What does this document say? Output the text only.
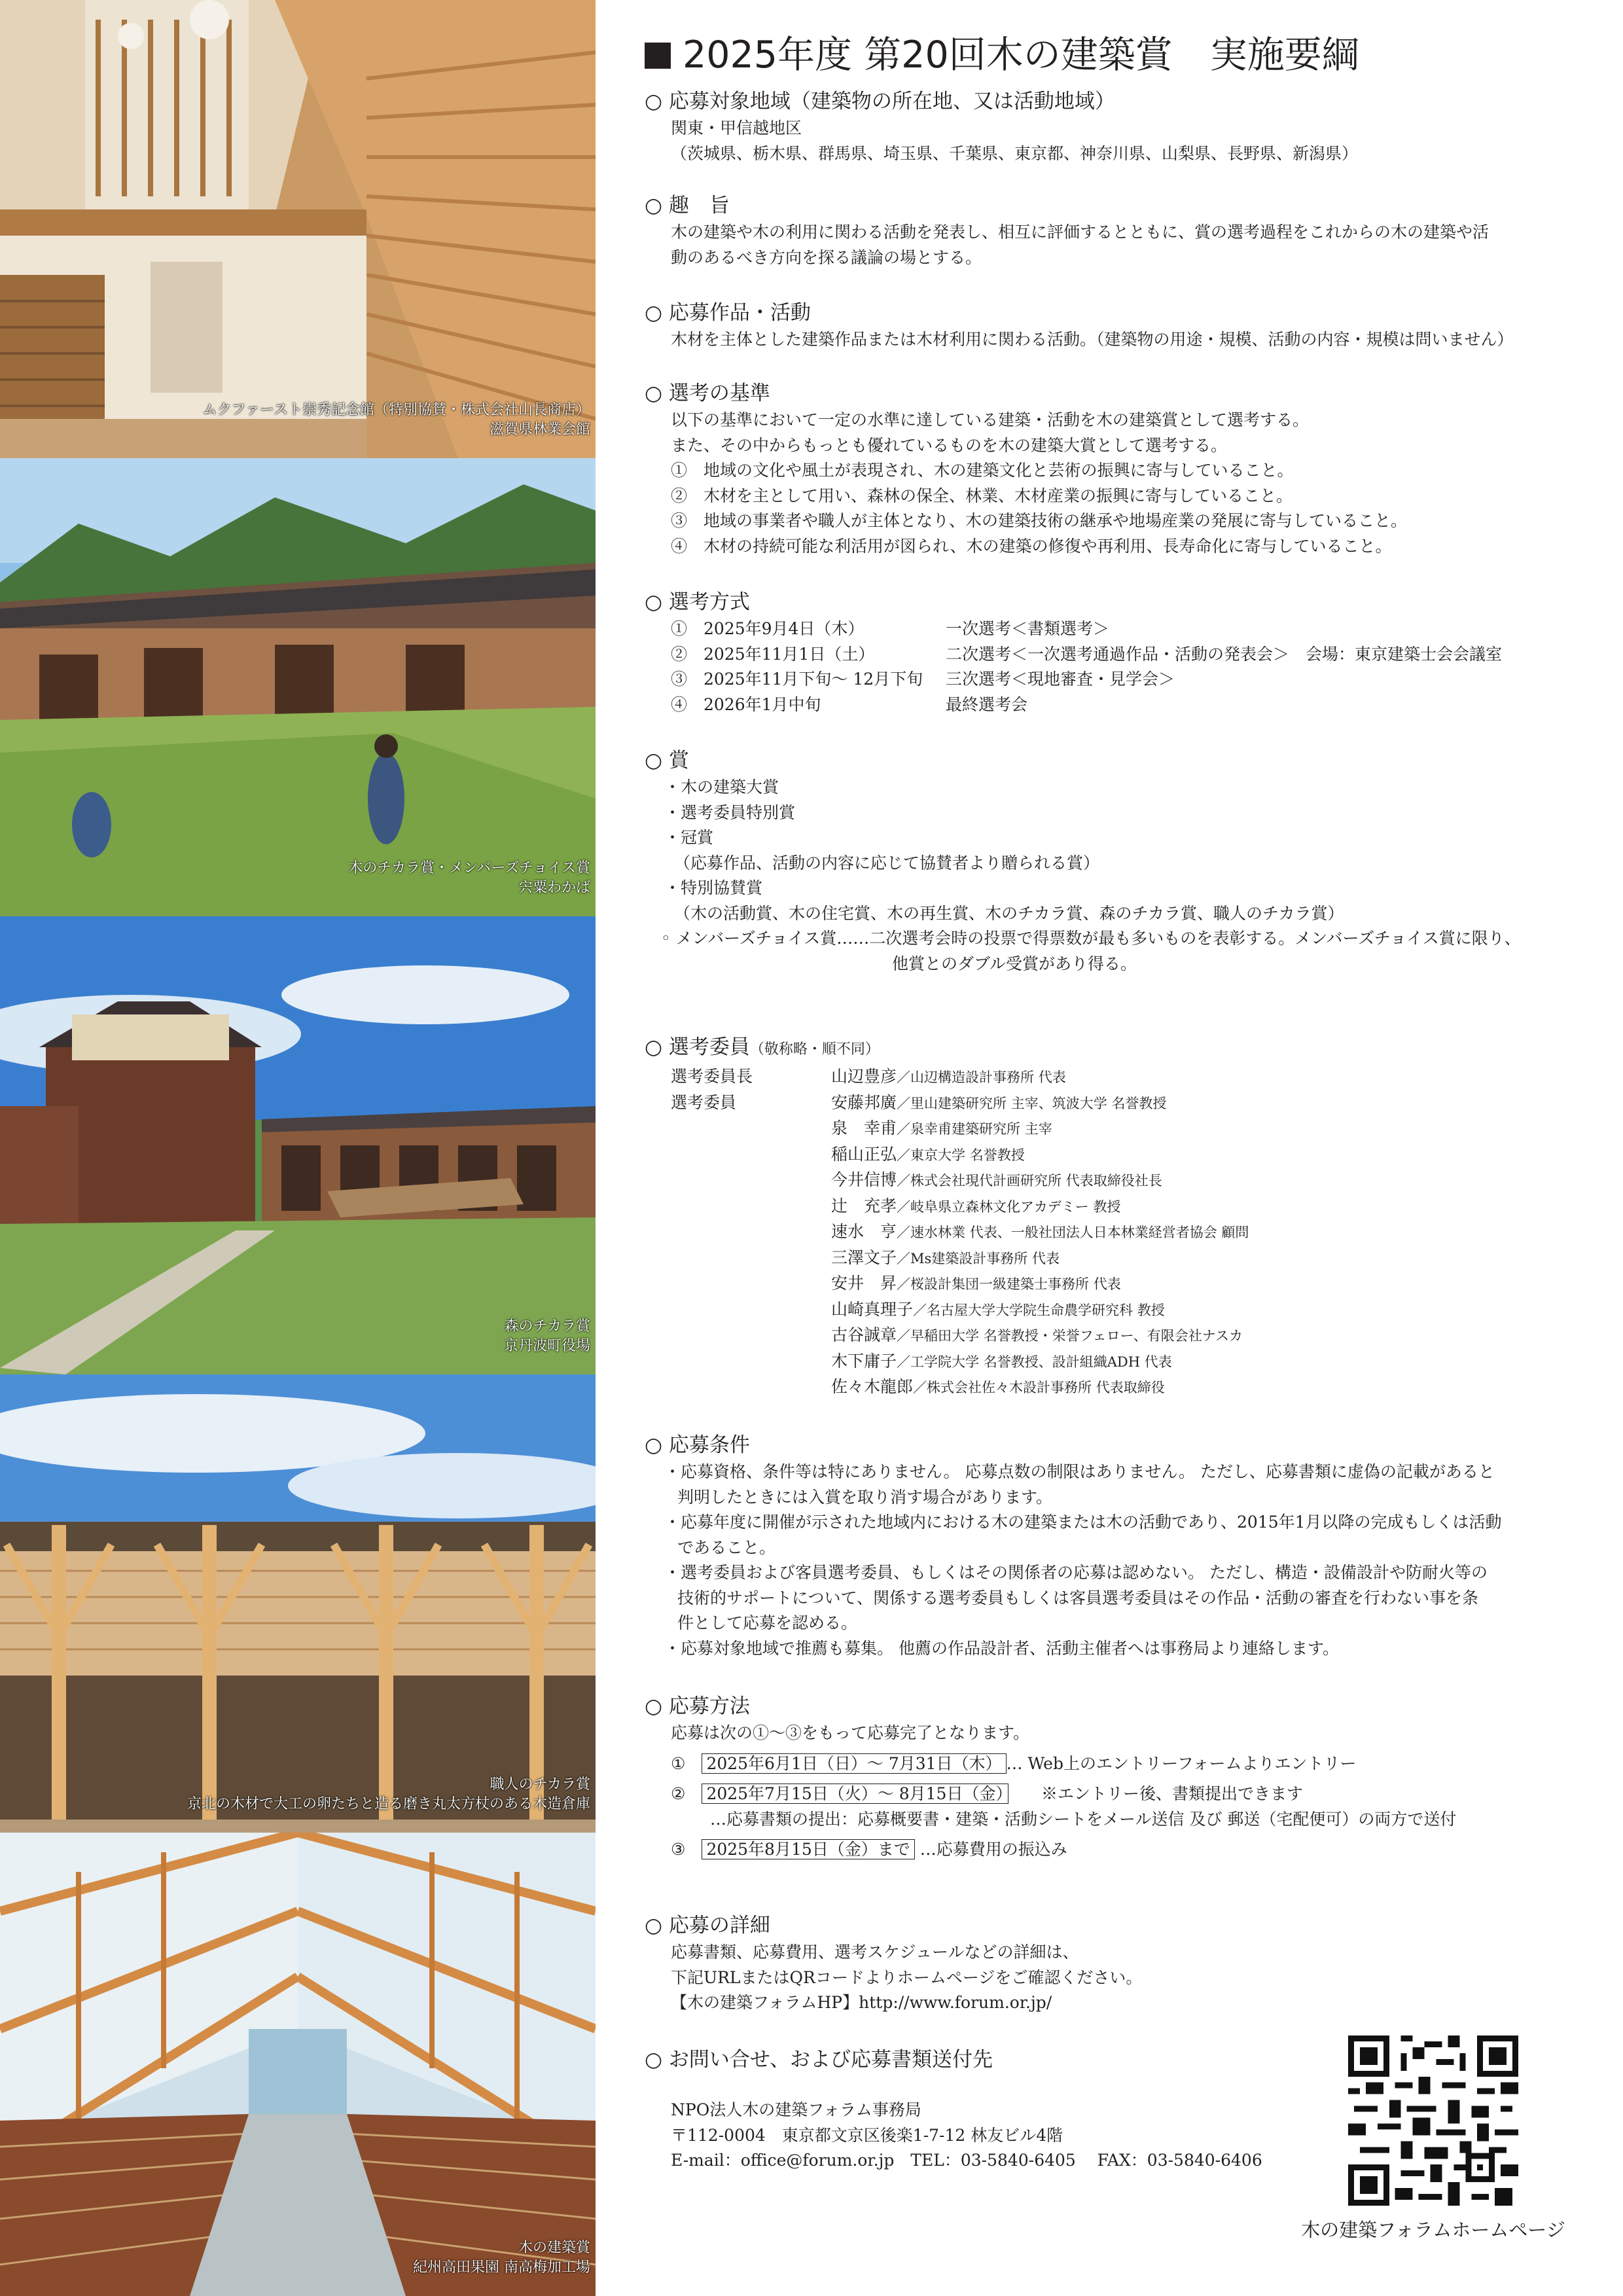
ムクファースト崇秀記念館（特別協賛・株式会社山長商店）
滋賀県林業会館
木のチカラ賞・メンバーズチョイス賞
宍粟わかば
森のチカラ賞
京丹波町役場
職人のチカラ賞
京北の木材で大工の卵たちと造る磨き丸太方杖のある木造倉庫
木の建築賞
紀州高田果園 南高梅加工場
2025年度 第20回木の建築賞　実施要綱
○ 応募対象地域（建築物の所在地、又は活動地域）
関東・甲信越地区
（茨城県、栃木県、群馬県、埼玉県、千葉県、東京都、神奈川県、山梨県、長野県、新潟県）
○ 趣　旨
木の建築や木の利用に関わる活動を発表し、相互に評価するとともに、賞の選考過程をこれからの木の建築や活
動のあるべき方向を探る議論の場とする。
○ 応募作品・活動
木材を主体とした建築作品または木材利用に関わる活動。（建築物の用途・規模、活動の内容・規模は問いません）
○ 選考の基準
以下の基準において一定の水準に達している建築・活動を木の建築賞として選考する。
また、その中からもっとも優れているものを木の建築大賞として選考する。
①　地域の文化や風土が表現され、木の建築文化と芸術の振興に寄与していること。
②　木材を主として用い、森林の保全、林業、木材産業の振興に寄与していること。
③　地域の事業者や職人が主体となり、木の建築技術の継承や地場産業の発展に寄与していること。
④　木材の持続可能な利活用が図られ、木の建築の修復や再利用、長寿命化に寄与していること。
○ 選考方式
①　2025年9月4日（木）	一次選考＜書類選考＞
②　2025年11月1日（土）	二次選考＜一次選考通過作品・活動の発表会＞　会場：東京建築士会会議室
③　2025年11月下旬～ 12月下旬	三次選考＜現地審査・見学会＞
④　2026年1月中旬	最終選考会
○ 賞
・木の建築大賞
・選考委員特別賞
・冠賞
（応募作品、活動の内容に応じて協賛者より贈られる賞）
・特別協賛賞
（木の活動賞、木の住宅賞、木の再生賞、木のチカラ賞、森のチカラ賞、職人のチカラ賞）
◦ メンバーズチョイス賞……二次選考会時の投票で得票数が最も多いものを表彰する。メンバーズチョイス賞に限り、
他賞とのダブル受賞があり得る。
○ 選考委員（敬称略・順不同）
選考委員長	山辺豊彦／山辺構造設計事務所 代表
選考委員	安藤邦廣／里山建築研究所 主宰、筑波大学 名誉教授
泉　幸甫／泉幸甫建築研究所 主宰
稲山正弘／東京大学 名誉教授
今井信博／株式会社現代計画研究所 代表取締役社長
辻　充孝／岐阜県立森林文化アカデミー 教授
速水　亨／速水林業 代表、一般社団法人日本林業経営者協会 顧問
三澤文子／Ms建築設計事務所 代表
安井　昇／桜設計集団一級建築士事務所 代表
山崎真理子／名古屋大学大学院生命農学研究科 教授
古谷誠章／早稲田大学 名誉教授・栄誉フェロー、有限会社ナスカ
木下庸子／工学院大学 名誉教授、設計組織ADH 代表
佐々木龍郎／株式会社佐々木設計事務所 代表取締役
○ 応募条件
・応募資格、条件等は特にありません。 応募点数の制限はありません。 ただし、応募書類に虚偽の記載があると
判明したときには入賞を取り消す場合があります。
・応募年度に開催が示された地域内における木の建築または木の活動であり、2015年1月以降の完成もしくは活動
であること。
・選考委員および客員選考委員、もしくはその関係者の応募は認めない。 ただし、構造・設備設計や防耐火等の
技術的サポートについて、関係する選考委員もしくは客員選考委員はその作品・活動の審査を行わない事を条
件として応募を認める。
・応募対象地域で推薦も募集。 他薦の作品設計者、活動主催者へは事務局より連絡します。
○ 応募方法
応募は次の①～③をもって応募完了となります。
①　 2025年6月1日（日）～ 7月31日（木） … Web上のエントリーフォームよりエントリー
②　 2025年7月15日（火）～ 8月15日（金）　　 ※エントリー後、書類提出できます
…応募書類の提出：応募概要書・建築・活動シートをメール送信 及び 郵送（宅配便可）の両方で送付
③　 2025年8月15日（金）まで …応募費用の振込み
○ 応募の詳細
応募書類、応募費用、選考スケジュールなどの詳細は、
下記URLまたはQRコードよりホームページをご確認ください。
【木の建築フォラムHP】http://www.forum.or.jp/
○ お問い合せ、および応募書類送付先
NPO法人木の建築フォラム事務局
〒112-0004　東京都文京区後楽1-7-12 林友ビル4階
E-mail：office@forum.or.jp　TEL：03-5840-6405　 FAX：03-5840-6406
木の建築フォラムホームページ
